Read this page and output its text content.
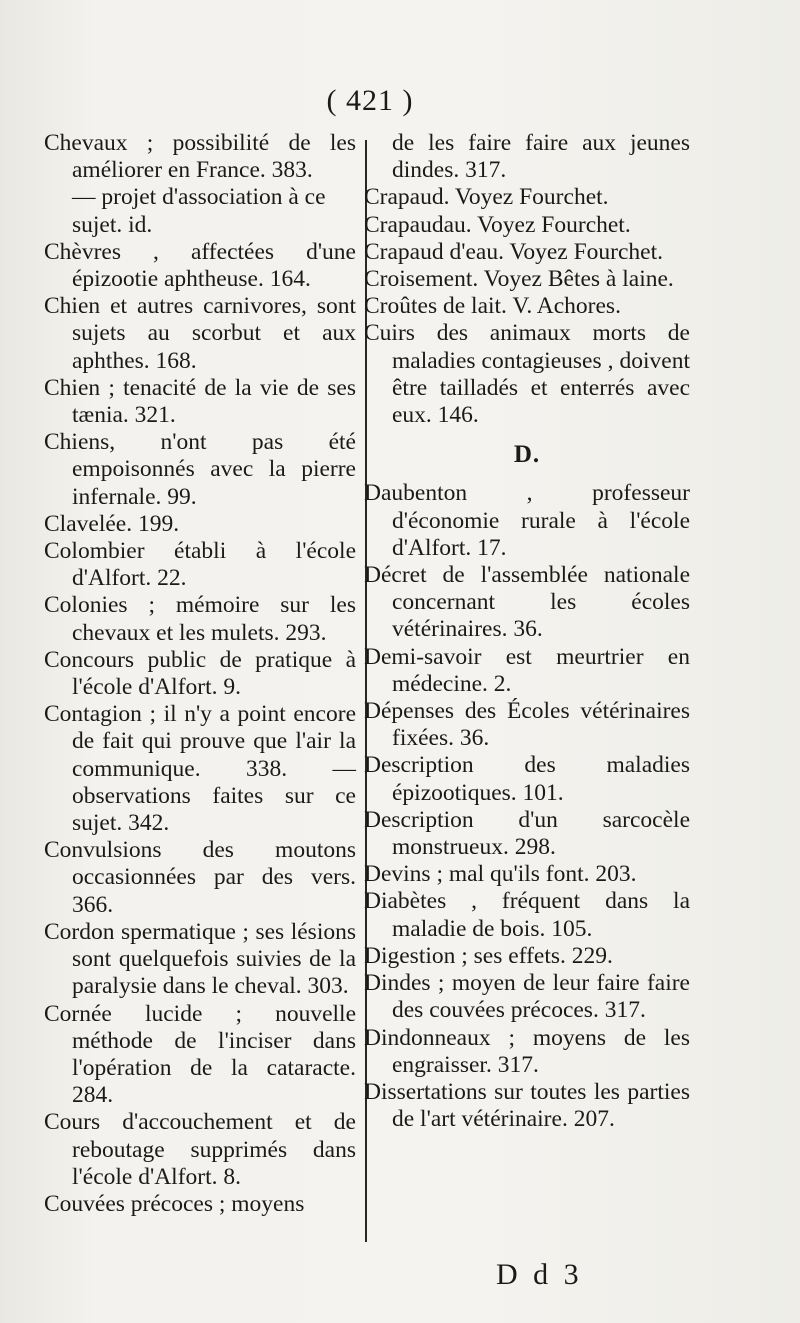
( 421 )
Chevaux ; possibilité de les améliorer en France. 383.
— projet d'association à ce sujet. id.
Chèvres , affectées d'une épizootie aphtheuse. 164.
Chien et autres carnivores, sont sujets au scorbut et aux aphthes. 168.
Chien ; tenacité de la vie de ses tænia. 321.
Chiens, n'ont pas été empoisonnés avec la pierre infernale. 99.
Clavelée. 199.
Colombier établi à l'école d'Alfort. 22.
Colonies ; mémoire sur les chevaux et les mulets. 293.
Concours public de pratique à l'école d'Alfort. 9.
Contagion ; il n'y a point encore de fait qui prouve que l'air la communique. 338. — observations faites sur ce sujet. 342.
Convulsions des moutons occasionnées par des vers. 366.
Cordon spermatique ; ses lésions sont quelquefois suivies de la paralysie dans le cheval. 303.
Cornée lucide ; nouvelle méthode de l'inciser dans l'opération de la cataracte. 284.
Cours d'accouchement et de reboutage supprimés dans l'école d'Alfort. 8.
Couvées précoces ; moyens
de les faire faire aux jeunes dindes. 317.
Crapaud. Voyez Fourchet.
Crapaudau. Voyez Fourchet.
Crapaud d'eau. Voyez Fourchet.
Croisement. Voyez Bêtes à laine.
Croûtes de lait. V. Achores.
Cuirs des animaux morts de maladies contagieuses , doivent être tailladés et enterrés avec eux. 146.
D.
Daubenton , professeur d'économie rurale à l'école d'Alfort. 17.
Décret de l'assemblée nationale concernant les écoles vétérinaires. 36.
Demi-savoir est meurtrier en médecine. 2.
Dépenses des Écoles vétérinaires fixées. 36.
Description des maladies épizootiques. 101.
Description d'un sarcocèle monstrueux. 298.
Devins ; mal qu'ils font. 203.
Diabètes , fréquent dans la maladie de bois. 105.
Digestion ; ses effets. 229.
Dindes ; moyen de leur faire faire des couvées précoces. 317.
Dindonneaux ; moyens de les engraisser. 317.
Dissertations sur toutes les parties de l'art vétérinaire. 207.
D d 3
